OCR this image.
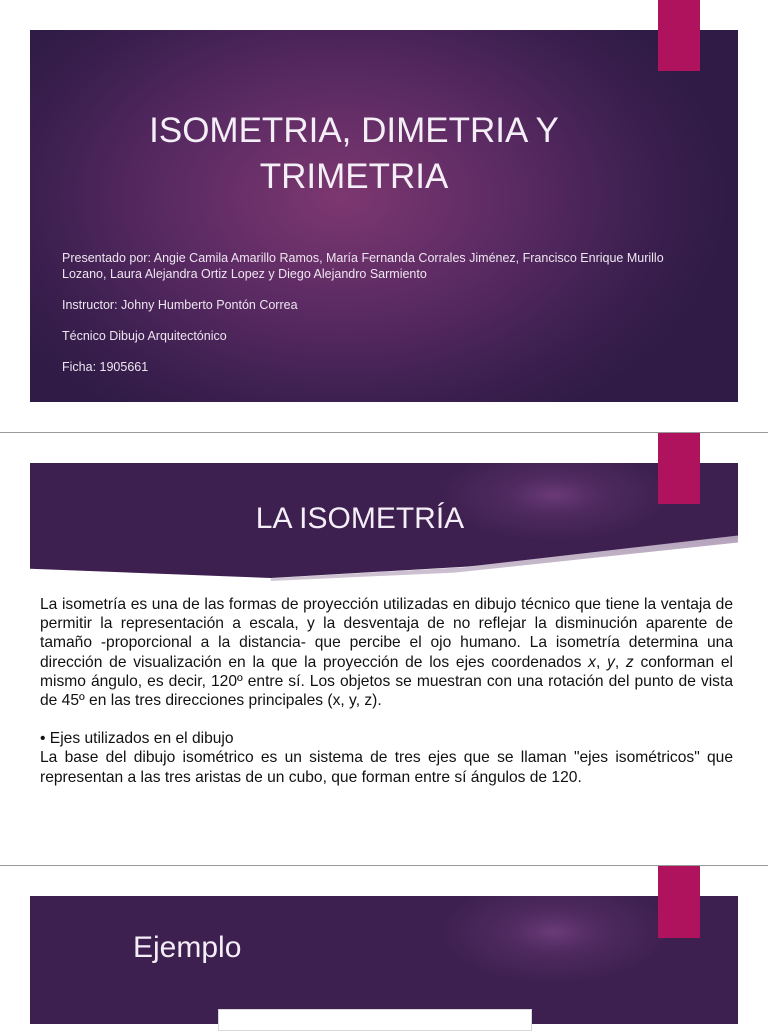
ISOMETRIA, DIMETRIA Y
TRIMETRIA

Presentado por: Angie Camila Amarillo Ramos, María Fernanda Corrales Jiménez, Francisco Enrique Murillo Lozano, Laura Alejandra Ortiz Lopez y Diego Alejandro Sarmiento

Instructor: Johny Humberto Pontón Correa

Técnico Dibujo Arquitectónico

Ficha: 1905661

LA ISOMETRÍA

La isometría es una de las formas de proyección utilizadas en dibujo técnico que tiene la ventaja de permitir la representación a escala, y la desventaja de no reflejar la disminución aparente de tamaño -proporcional a la distancia- que percibe el ojo humano. La isometría determina una dirección de visualización en la que la proyección de los ejes coordenados x, y, z conforman el mismo ángulo, es decir, 120º entre sí. Los objetos se muestran con una rotación del punto de vista de 45º en las tres direcciones principales (x, y, z).

• Ejes utilizados en el dibujo

La base del dibujo isométrico es un sistema de tres ejes que se llaman "ejes isométricos" que representan a las tres aristas de un cubo, que forman entre sí ángulos de 120.

Ejemplo
